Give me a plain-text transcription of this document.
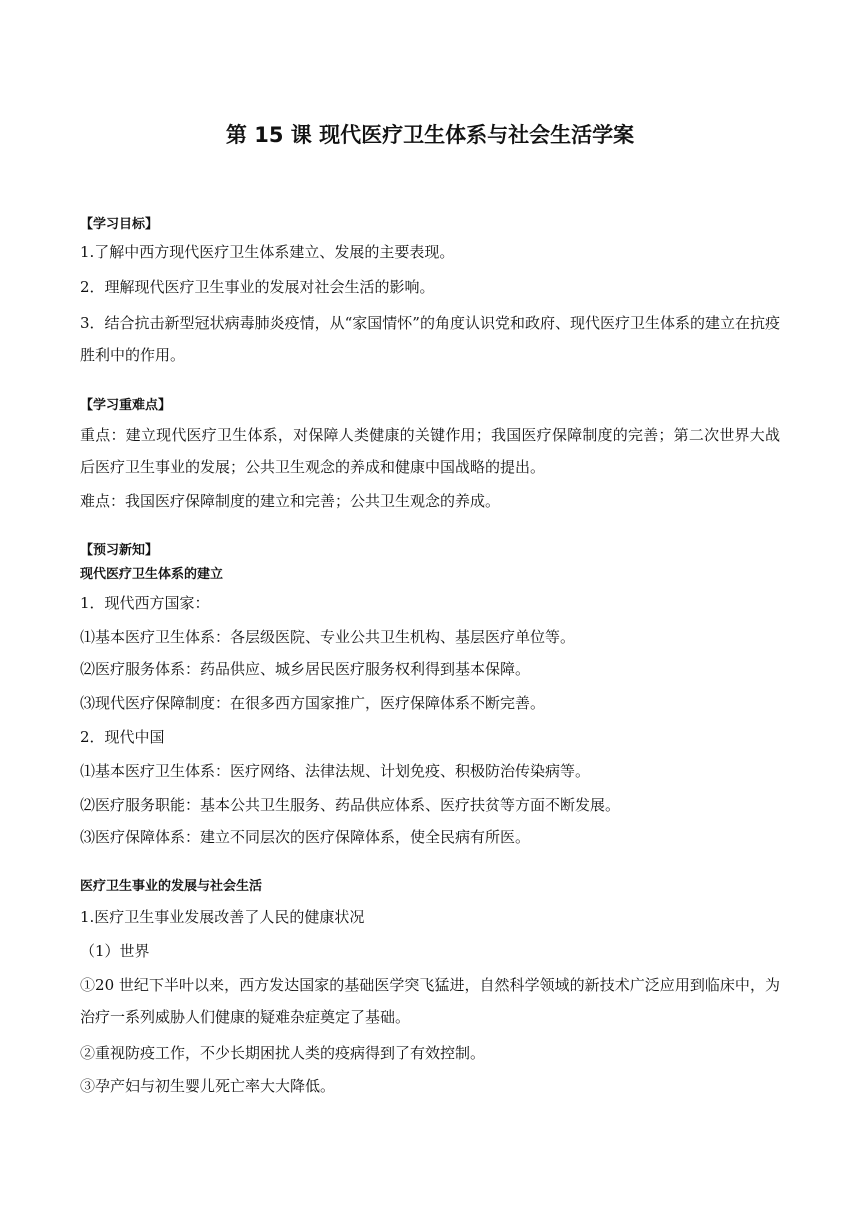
第 15 课 现代医疗卫生体系与社会生活学案
【学习目标】
1.了解中西方现代医疗卫生体系建立、发展的主要表现。
2．理解现代医疗卫生事业的发展对社会生活的影响。
3．结合抗击新型冠状病毒肺炎疫情，从“家国情怀”的角度认识党和政府、现代医疗卫生体系的建立在抗疫胜利中的作用。
【学习重难点】
重点：建立现代医疗卫生体系，对保障人类健康的关键作用；我国医疗保障制度的完善；第二次世界大战后医疗卫生事业的发展；公共卫生观念的养成和健康中国战略的提出。
难点：我国医疗保障制度的建立和完善；公共卫生观念的养成。
【预习新知】
现代医疗卫生体系的建立
1．现代西方国家：
⑴基本医疗卫生体系：各层级医院、专业公共卫生机构、基层医疗单位等。
⑵医疗服务体系：药品供应、城乡居民医疗服务权利得到基本保障。
⑶现代医疗保障制度：在很多西方国家推广，医疗保障体系不断完善。
2．现代中国
⑴基本医疗卫生体系：医疗网络、法律法规、计划免疫、积极防治传染病等。
⑵医疗服务职能：基本公共卫生服务、药品供应体系、医疗扶贫等方面不断发展。
⑶医疗保障体系：建立不同层次的医疗保障体系，使全民病有所医。
医疗卫生事业的发展与社会生活
1.医疗卫生事业发展改善了人民的健康状况
（1）世界
①20 世纪下半叶以来，西方发达国家的基础医学突飞猛进，自然科学领域的新技术广泛应用到临床中，为治疗一系列威胁人们健康的疑难杂症奠定了基础。
②重视防疫工作，不少长期困扰人类的疫病得到了有效控制。
③孕产妇与初生婴儿死亡率大大降低。
